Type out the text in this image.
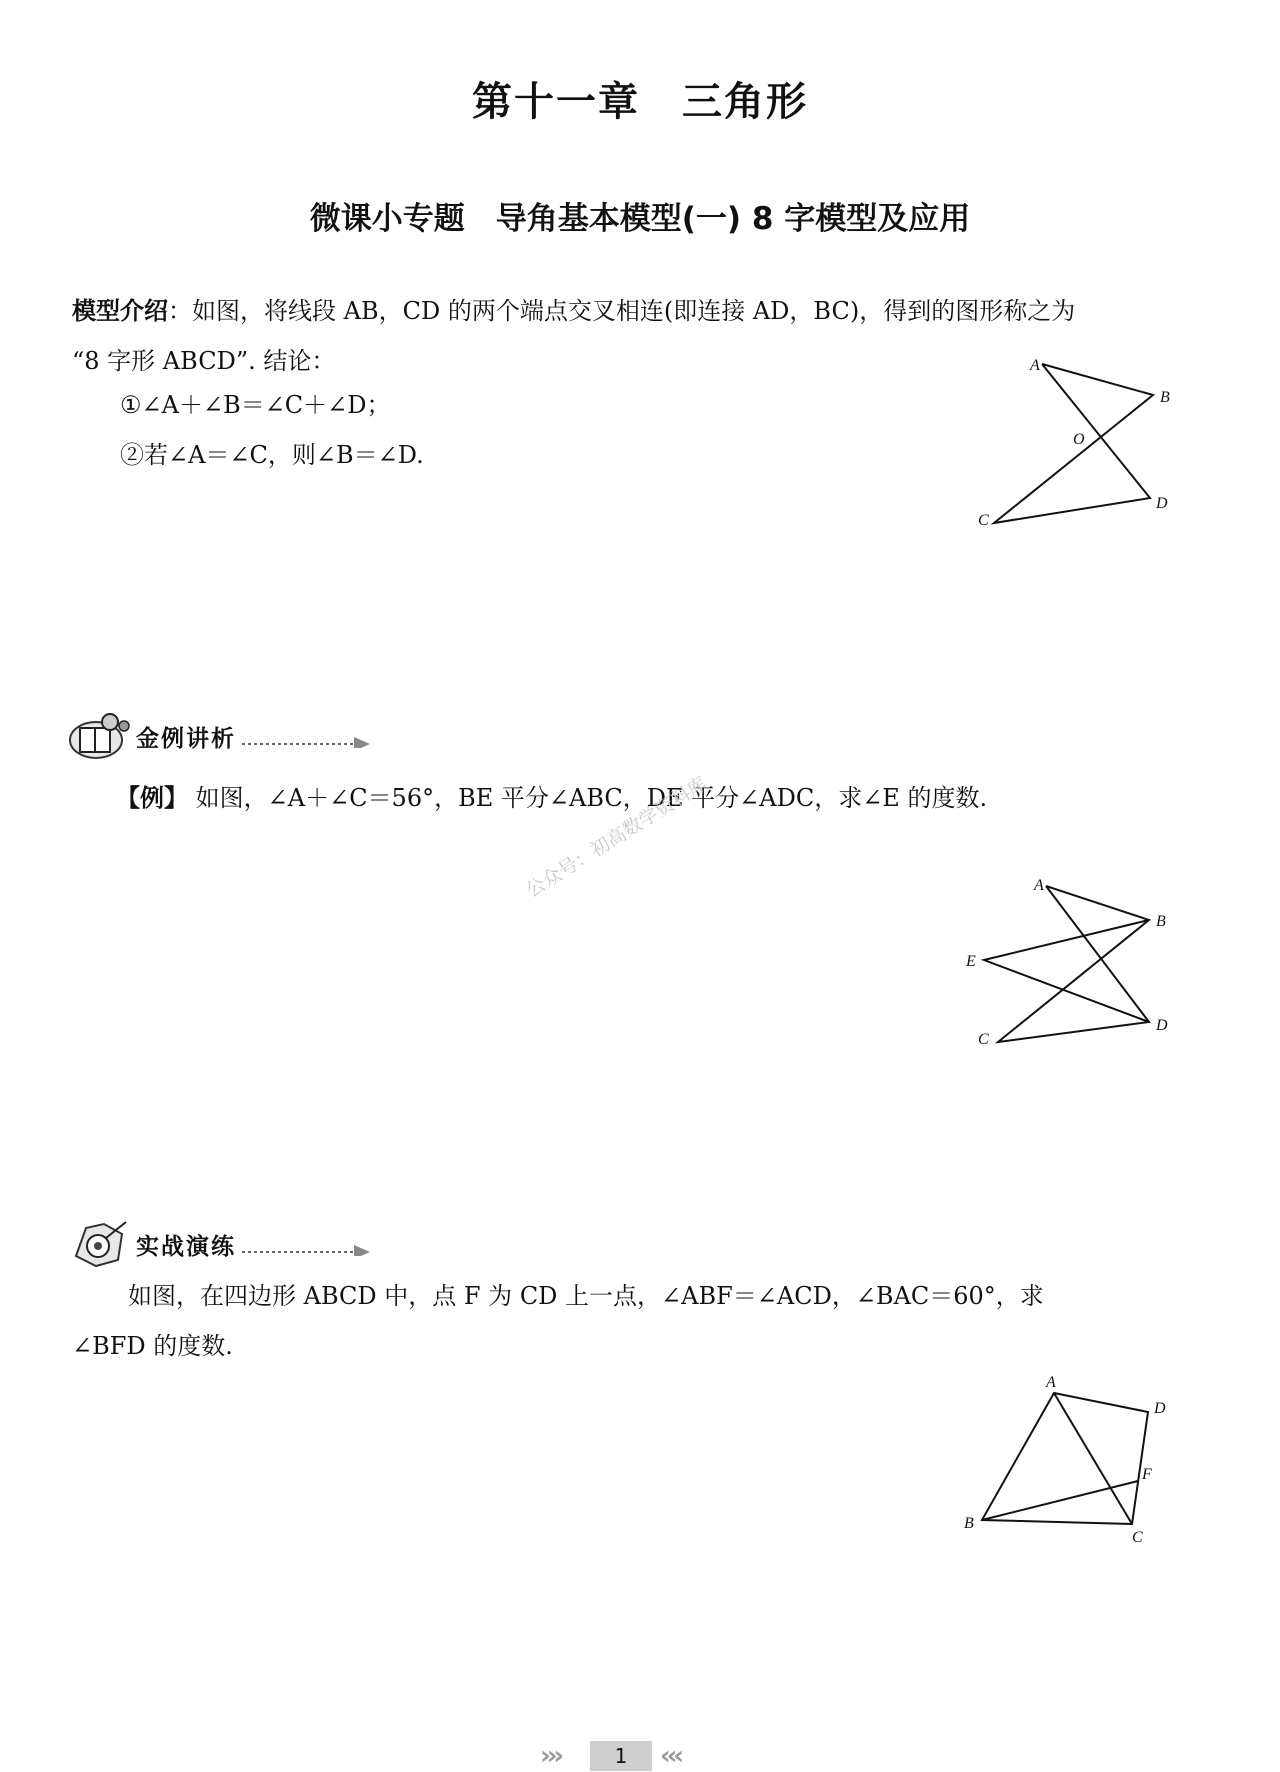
第十一章　三角形
微课小专题　导角基本模型(一) 8 字模型及应用
模型介绍：如图，将线段 AB，CD 的两个端点交叉相连(即连接 AD，BC)，得到的图形称之为
“8 字形 ABCD”. 结论：
①∠A＋∠B＝∠C＋∠D；
②若∠A＝∠C，则∠B＝∠D.
A
B
O
C
D
金例讲析
【例】 如图，∠A＋∠C＝56°，BE 平分∠ABC，DE 平分∠ADC，求∠E 的度数.
公众号：初高数学资料库	A
B
E
C
D
实战演练
如图，在四边形 ABCD 中，点 F 为 CD 上一点，∠ABF＝∠ACD，∠BAC＝60°，求
∠BFD 的度数.
A
D
F
B
C
›››	1	‹‹‹
